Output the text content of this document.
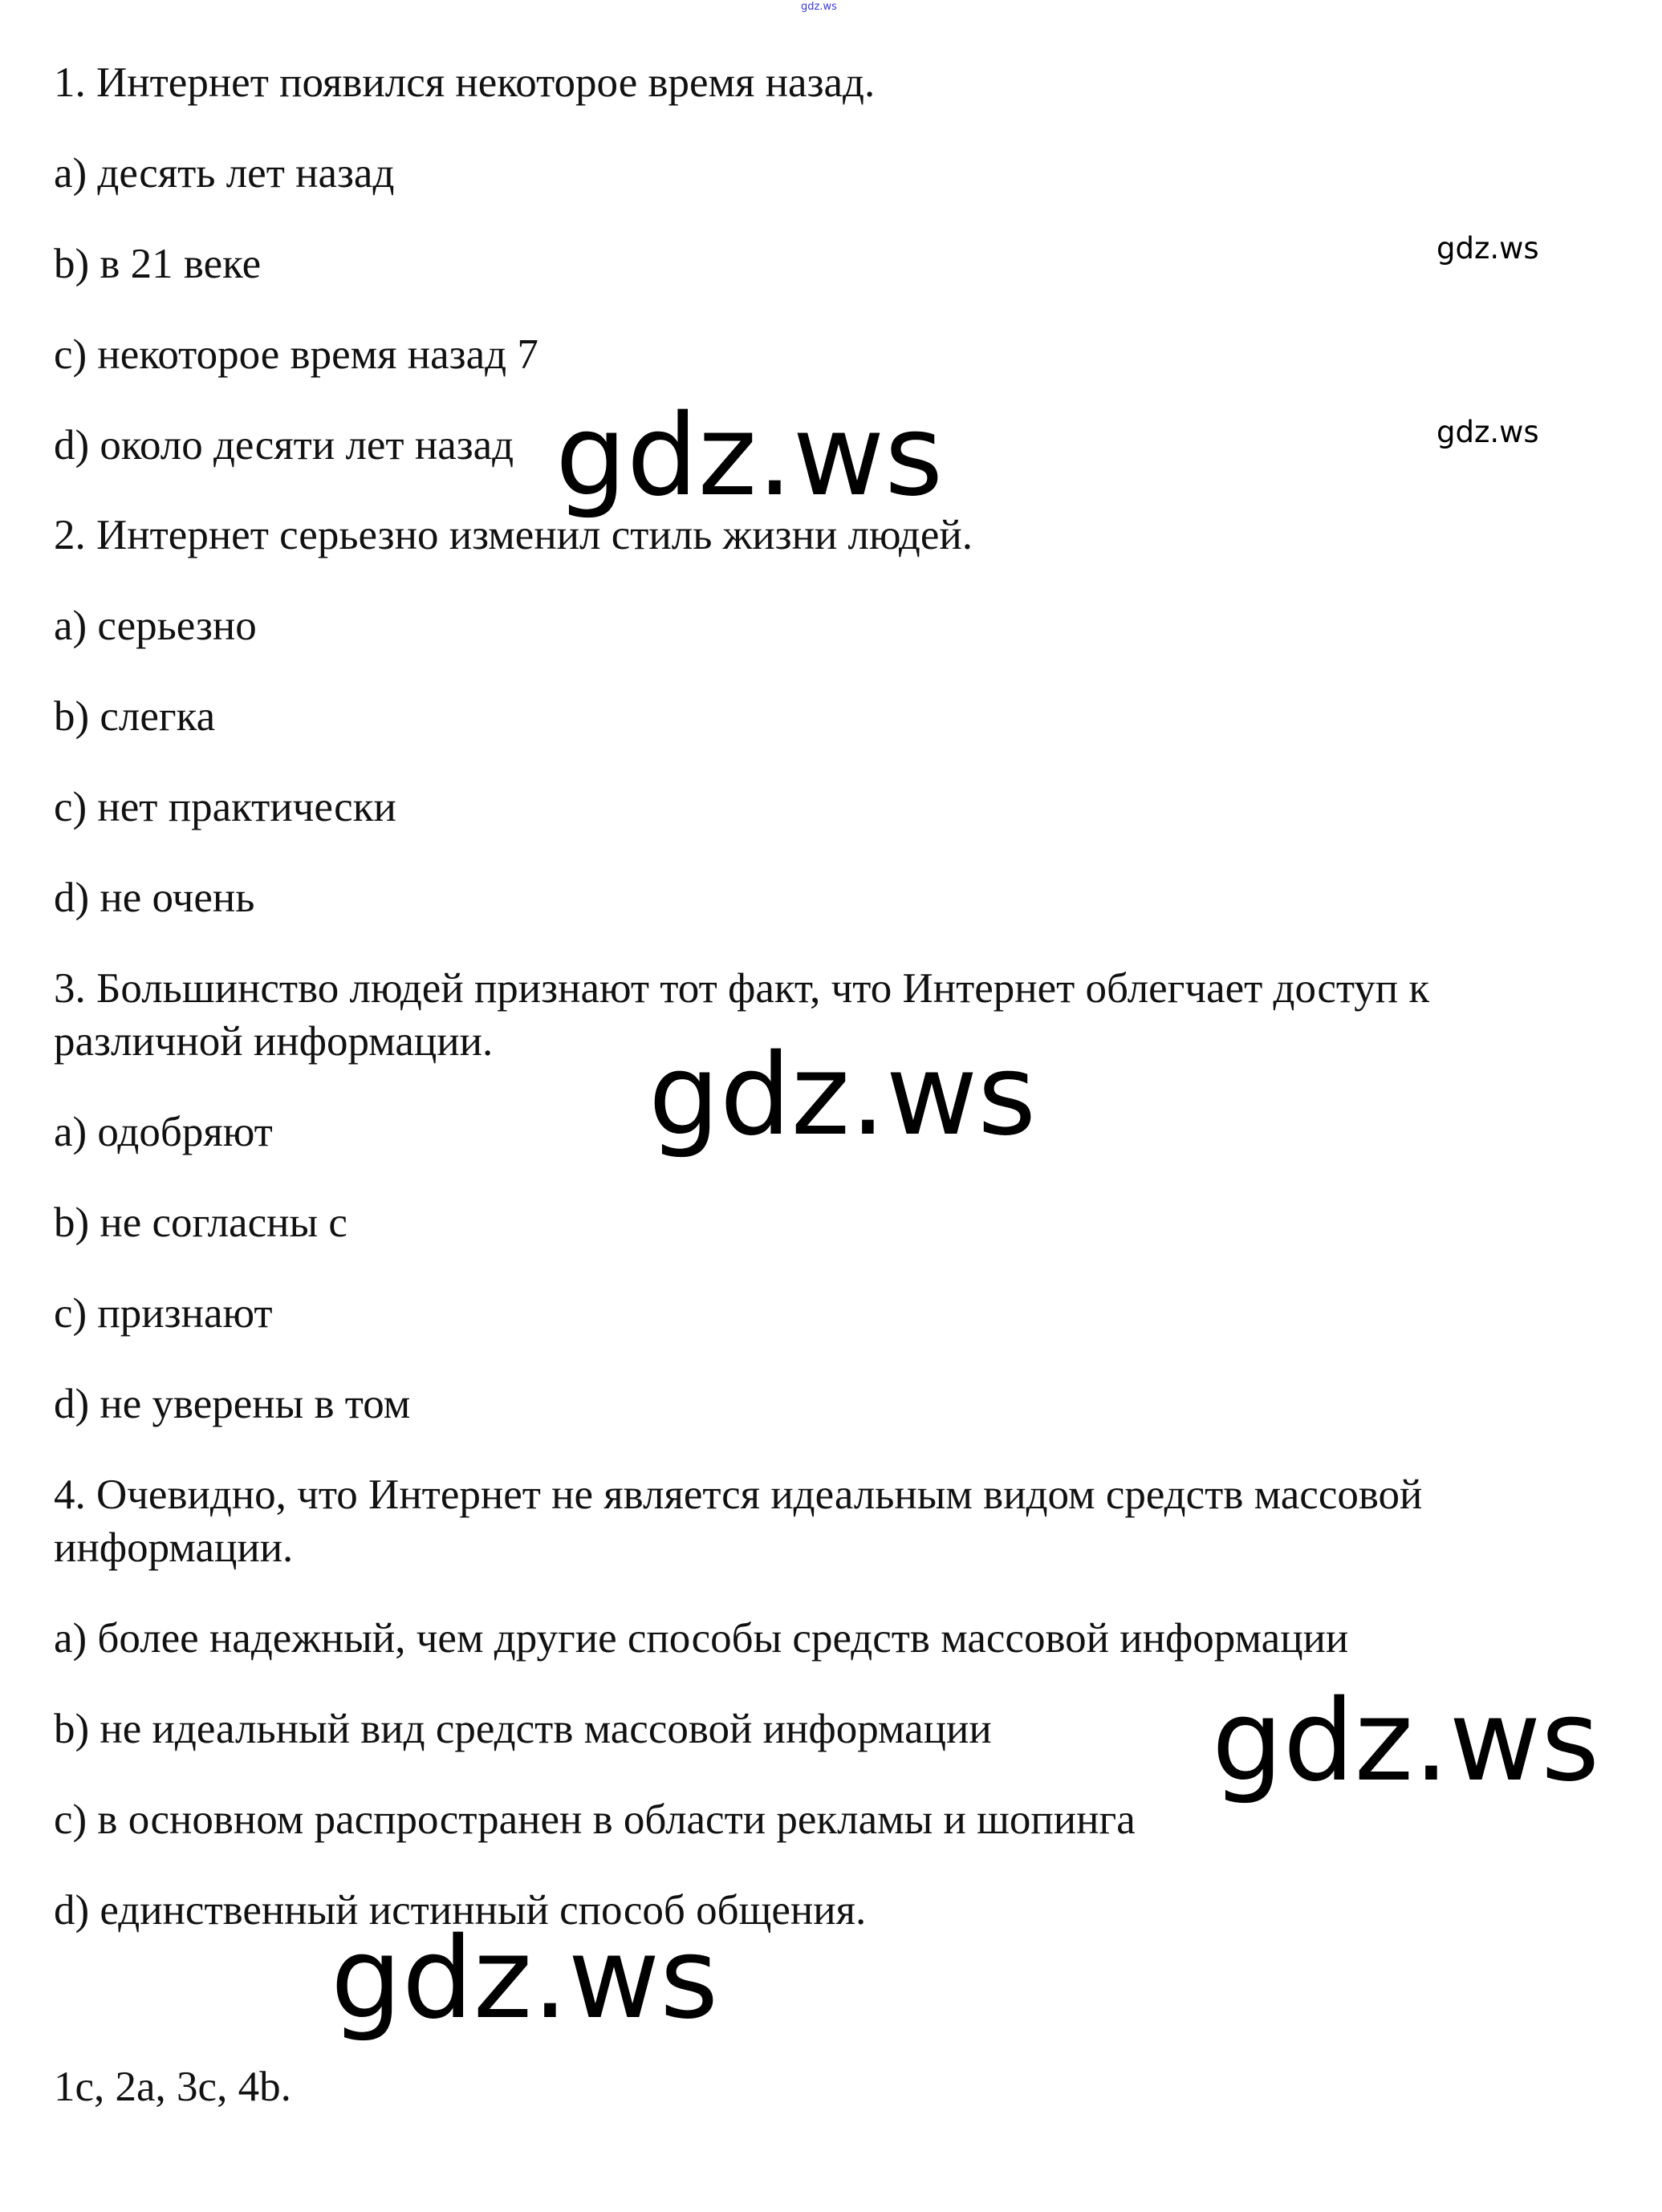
gdz.ws
1. Интернет появился некоторое время назад.
a) десять лет назад
b) в 21 веке
c) некоторое время назад 7
d) около десяти лет назад
2. Интернет серьезно изменил стиль жизни людей.
a) серьезно
b) слегка
c) нет практически
d) не очень
3. Большинство людей признают тот факт, что Интернет облегчает доступ к
различной информации.
a) одобряют
b) не согласны с
c) признают
d) не уверены в том
4. Очевидно, что Интернет не является идеальным видом средств массовой
информации.
a) более надежный, чем другие способы средств массовой информации
b) не идеальный вид средств массовой информации
c) в основном распространен в области рекламы и шопинга
d) единственный истинный способ общения.
1c, 2a, 3c, 4b.
gdz.ws
gdz.ws
gdz.ws
gdz.ws
gdz.ws
gdz.ws
